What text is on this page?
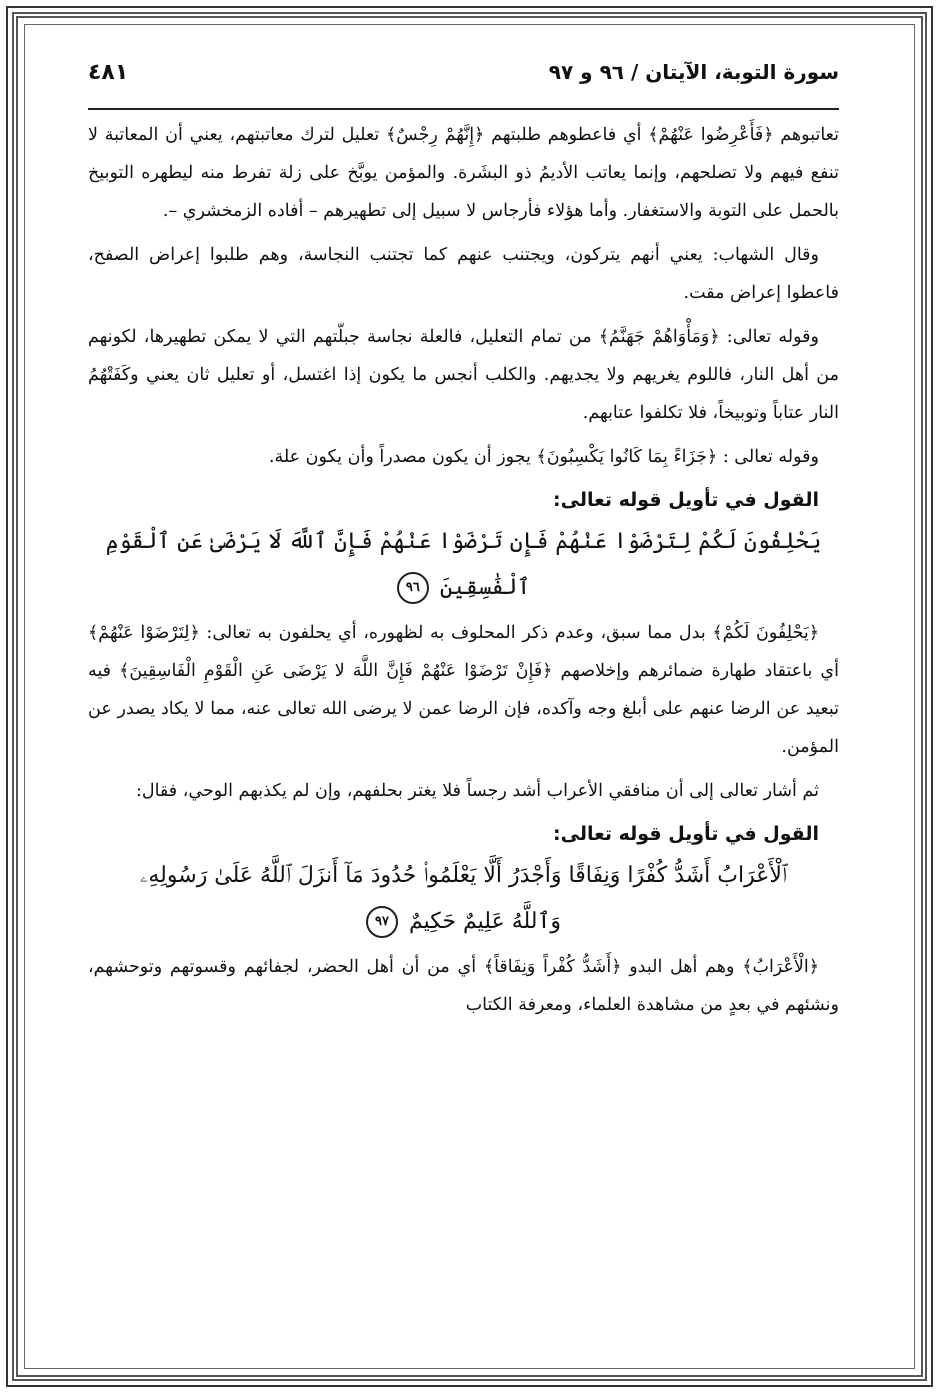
سورة التوبة، الآيتان / ٩٦ و ٩٧
٤٨١

تعاتبوهم ﴿فَأَعْرِضُوا عَنْهُمْ﴾ أي فاعطوهم طلبتهم ﴿إِنَّهُمْ رِجْسٌ﴾ تعليل لترك معاتبتهم، يعني أن المعاتبة لا تنفع فيهم ولا تصلحهم، وإنما يعاتب الأديمُ ذو البشَرة. والمؤمن يوبَّخ على زلة تفرط منه ليطهره التوبيخ بالحمل على التوبة والاستغفار. وأما هؤلاء فأرجاس لا سبيل إلى تطهيرهم – أفاده الزمخشري –.

وقال الشهاب: يعني أنهم يتركون، ويجتنب عنهم كما تجتنب النجاسة، وهم طلبوا إعراض الصفح، فاعطوا إعراض مقت.

وقوله تعالى: ﴿وَمَأْوَاهُمْ جَهَنَّمُ﴾ من تمام التعليل، فالعلة نجاسة جبلّتهم التي لا يمكن تطهيرها، لكونهم من أهل النار، فاللوم يغريهم ولا يجديهم. والكلب أنجس ما يكون إذا اغتسل، أو تعليل ثان يعني وكَفَتْهُمُ النار عتاباً وتوبيخاً، فلا تكلفوا عتابهم.

وقوله تعالى : ﴿جَزَاءً بِمَا كَانُوا يَكْسِبُونَ﴾ يجوز أن يكون مصدراً وأن يكون علة.

القول في تأويل قوله تعالى:
يَحْلِفُونَ لَكُمْ لِتَرْضَوْا عَنْهُمْ فَإِن تَرْضَوْا عَنْهُمْ فَإِنَّ ٱللَّهَ لَا يَرْضَىٰ عَنِ ٱلْقَوْمِ
ٱلْفَٰسِقِينَ ٩٦

﴿يَحْلِفُونَ لَكُمْ﴾ بدل مما سبق، وعدم ذكر المحلوف به لظهوره، أي يحلفون به تعالى: ﴿لِتَرْضَوْا عَنْهُمْ﴾ أي باعتقاد طهارة ضمائرهم وإخلاصهم ﴿فَإِنْ تَرْضَوْا عَنْهُمْ فَإِنَّ اللَّهَ لا يَرْضَى عَنِ الْقَوْمِ الْفَاسِقِينَ﴾ فيه تبعيد عن الرضا عنهم على أبلغ وجه وآكده، فإن الرضا عمن لا يرضى الله تعالى عنه، مما لا يكاد يصدر عن المؤمن.

ثم أشار تعالى إلى أن منافقي الأعراب أشد رجساً فلا يغتر بحلفهم، وإن لم يكذبهم الوحي، فقال:

القول في تأويل قوله تعالى:
ٱلْأَعْرَابُ أَشَدُّ كُفْرًا وَنِفَاقًا وَأَجْدَرُ أَلَّا يَعْلَمُوا۟ حُدُودَ مَآ أَنزَلَ ٱللَّهُ عَلَىٰ رَسُولِهِۦ
وَٱللَّهُ عَلِيمٌ حَكِيمٌ ٩٧

﴿الْأَعْرَابُ﴾ وهم أهل البدو ﴿أَشَدُّ كُفْراً وَنِفَاقاً﴾ أي من أن أهل الحضر، لجفائهم وقسوتهم وتوحشهم، ونشئهم في بعدٍ من مشاهدة العلماء، ومعرفة الكتاب
